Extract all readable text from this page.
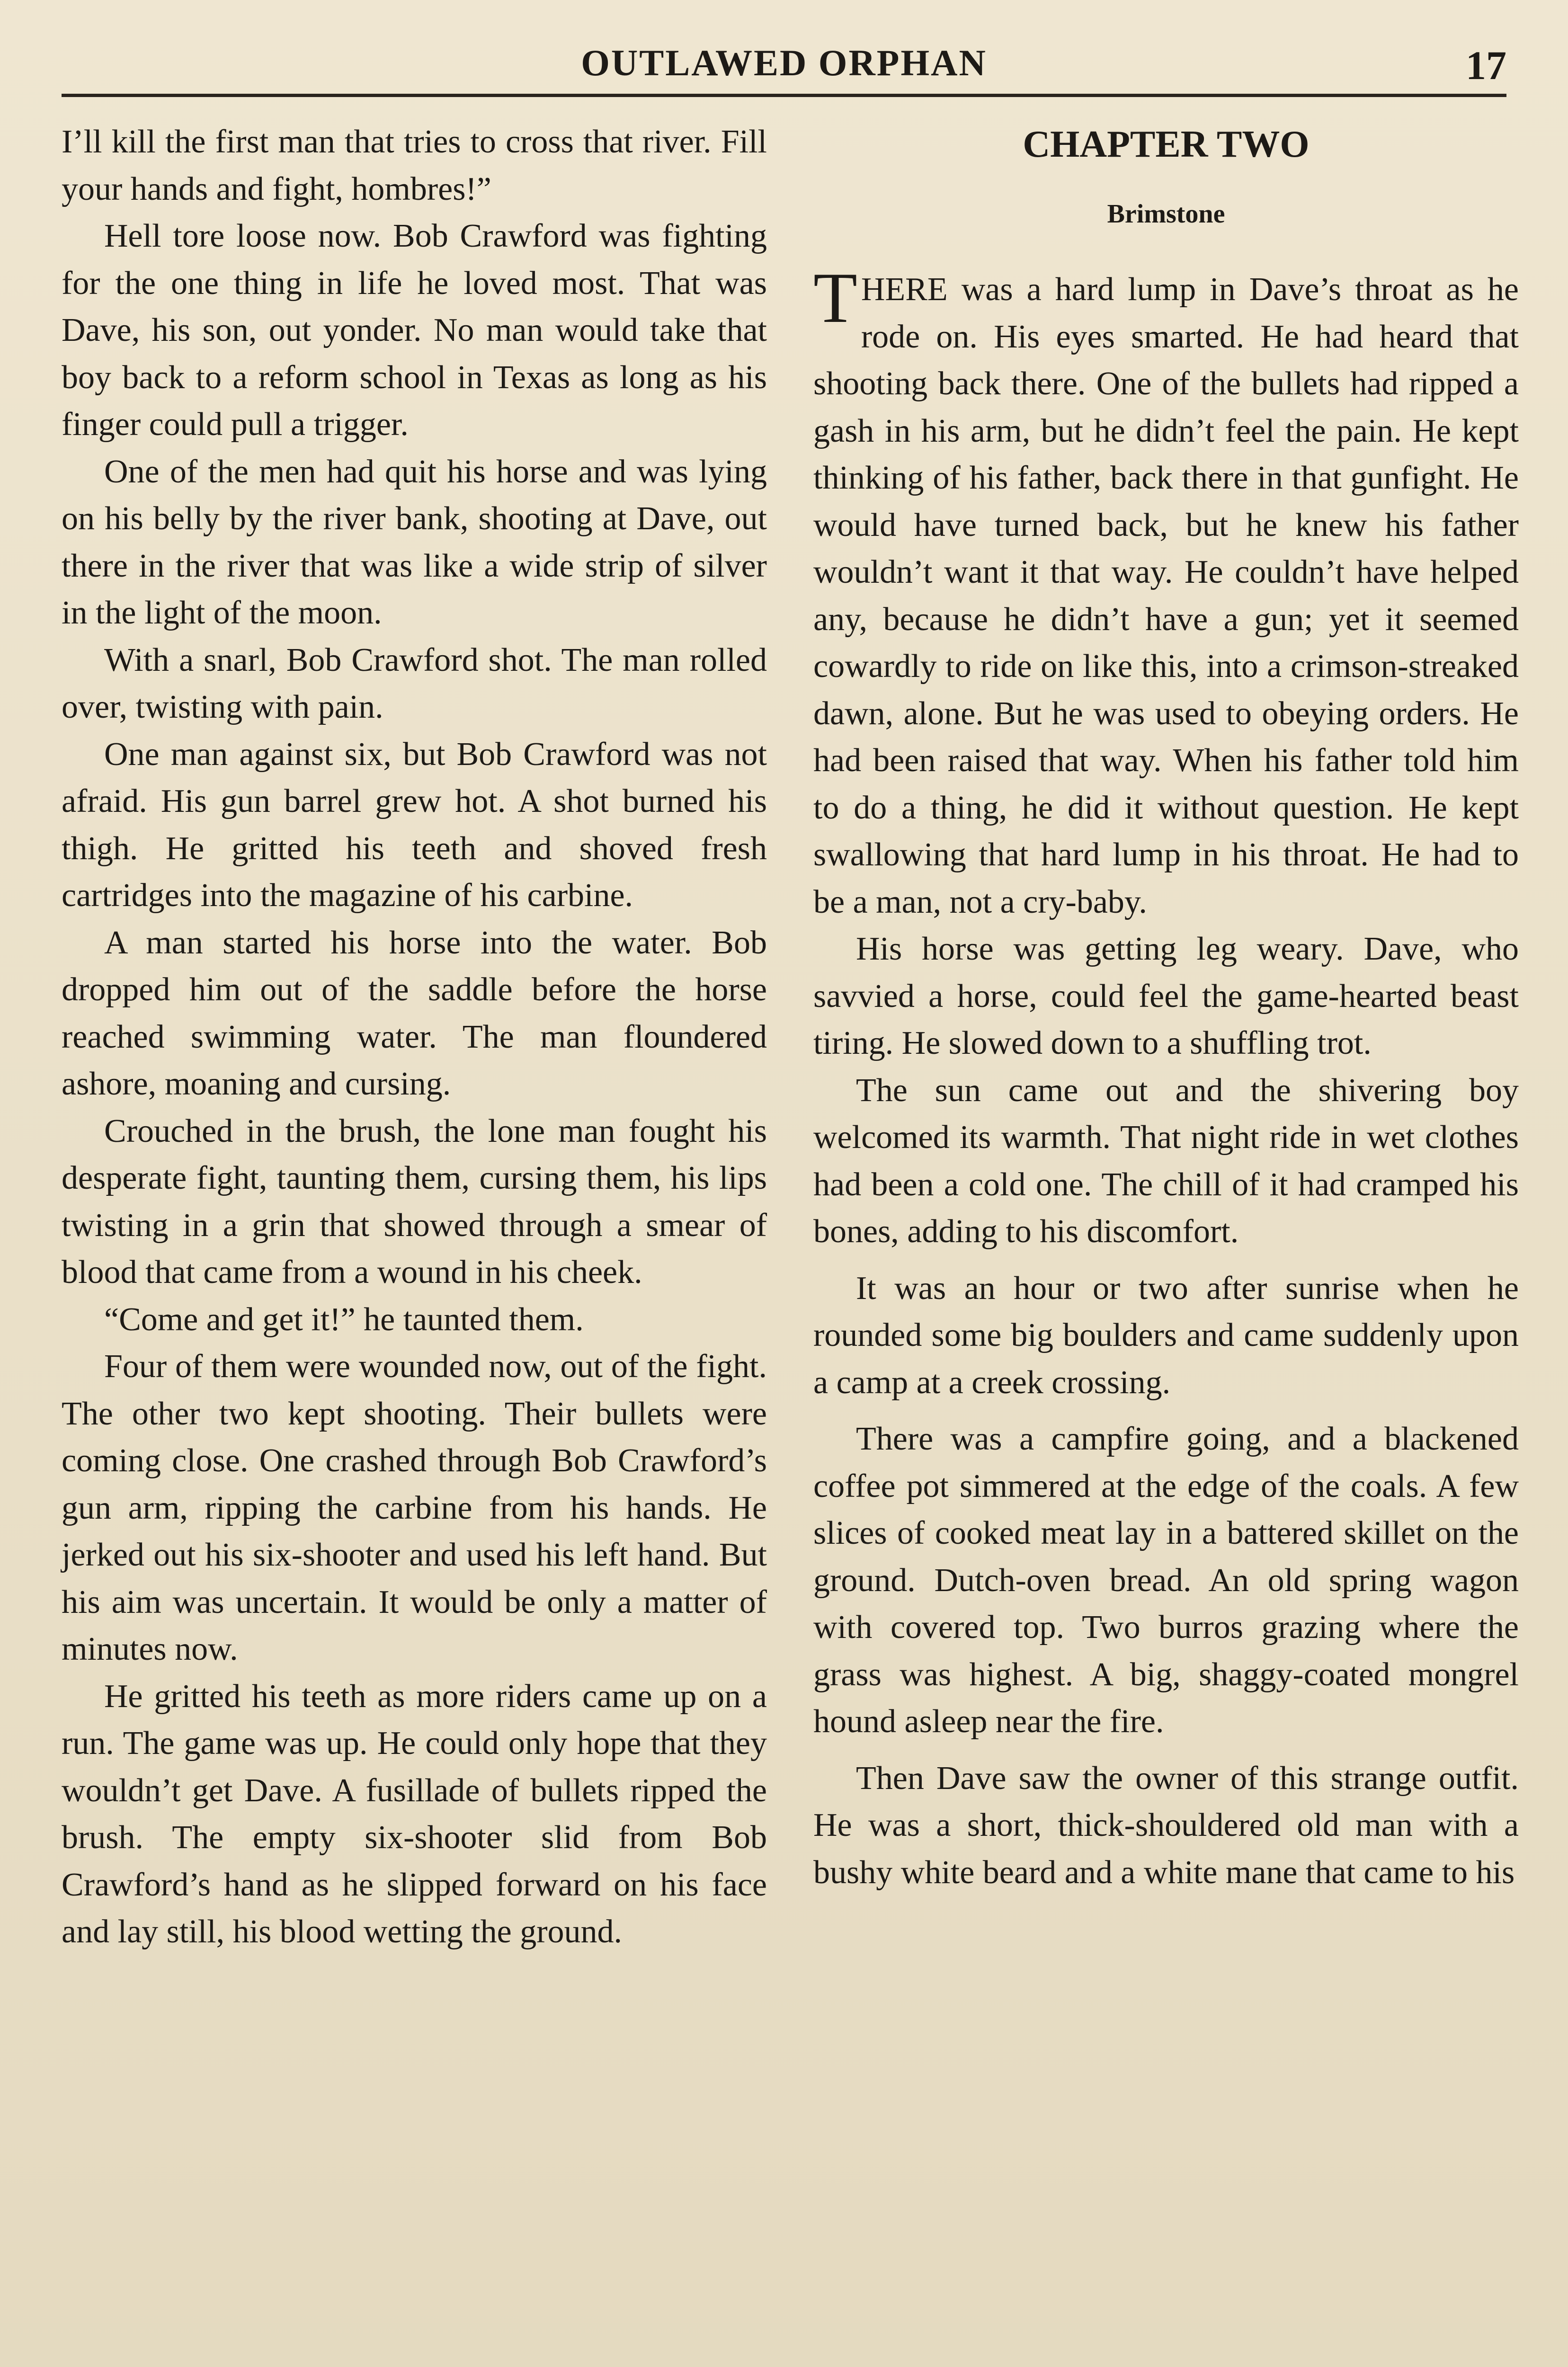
OUTLAWED ORPHAN	17

I’ll kill the first man that tries to cross that river. Fill your hands and fight, hombres!”

Hell tore loose now. Bob Crawford was fighting for the one thing in life he loved most. That was Dave, his son, out yonder. No man would take that boy back to a reform school in Texas as long as his finger could pull a trigger.

One of the men had quit his horse and was lying on his belly by the river bank, shooting at Dave, out there in the river that was like a wide strip of silver in the light of the moon.

With a snarl, Bob Crawford shot. The man rolled over, twisting with pain.

One man against six, but Bob Crawford was not afraid. His gun barrel grew hot. A shot burned his thigh. He gritted his teeth and shoved fresh cartridges into the magazine of his carbine.

A man started his horse into the water. Bob dropped him out of the saddle before the horse reached swimming water. The man floundered ashore, moaning and cursing.

Crouched in the brush, the lone man fought his desperate fight, taunting them, cursing them, his lips twisting in a grin that showed through a smear of blood that came from a wound in his cheek.

“Come and get it!” he taunted them.

Four of them were wounded now, out of the fight. The other two kept shooting. Their bullets were coming close. One crashed through Bob Crawford’s gun arm, ripping the carbine from his hands. He jerked out his six-shooter and used his left hand. But his aim was uncertain. It would be only a matter of minutes now.

He gritted his teeth as more riders came up on a run. The game was up. He could only hope that they wouldn’t get Dave. A fusillade of bullets ripped the brush. The empty six-shooter slid from Bob Crawford’s hand as he slipped forward on his face and lay still, his blood wetting the ground.

CHAPTER TWO
Brimstone

THERE was a hard lump in Dave’s throat as he rode on. His eyes smarted. He had heard that shooting back there. One of the bullets had ripped a gash in his arm, but he didn’t feel the pain. He kept thinking of his father, back there in that gunfight. He would have turned back, but he knew his father wouldn’t want it that way. He couldn’t have helped any, because he didn’t have a gun; yet it seemed cowardly to ride on like this, into a crimson-streaked dawn, alone. But he was used to obeying orders. He had been raised that way. When his father told him to do a thing, he did it without question. He kept swallowing that hard lump in his throat. He had to be a man, not a cry-baby.

His horse was getting leg weary. Dave, who savvied a horse, could feel the game-hearted beast tiring. He slowed down to a shuffling trot.

The sun came out and the shivering boy welcomed its warmth. That night ride in wet clothes had been a cold one. The chill of it had cramped his bones, adding to his discomfort.

It was an hour or two after sunrise when he rounded some big boulders and came suddenly upon a camp at a creek crossing.

There was a campfire going, and a blackened coffee pot simmered at the edge of the coals. A few slices of cooked meat lay in a battered skillet on the ground. Dutch-oven bread. An old spring wagon with covered top. Two burros grazing where the grass was highest. A big, shaggy-coated mongrel hound asleep near the fire.

Then Dave saw the owner of this strange outfit. He was a short, thick-shouldered old man with a bushy white beard and a white mane that came to his
